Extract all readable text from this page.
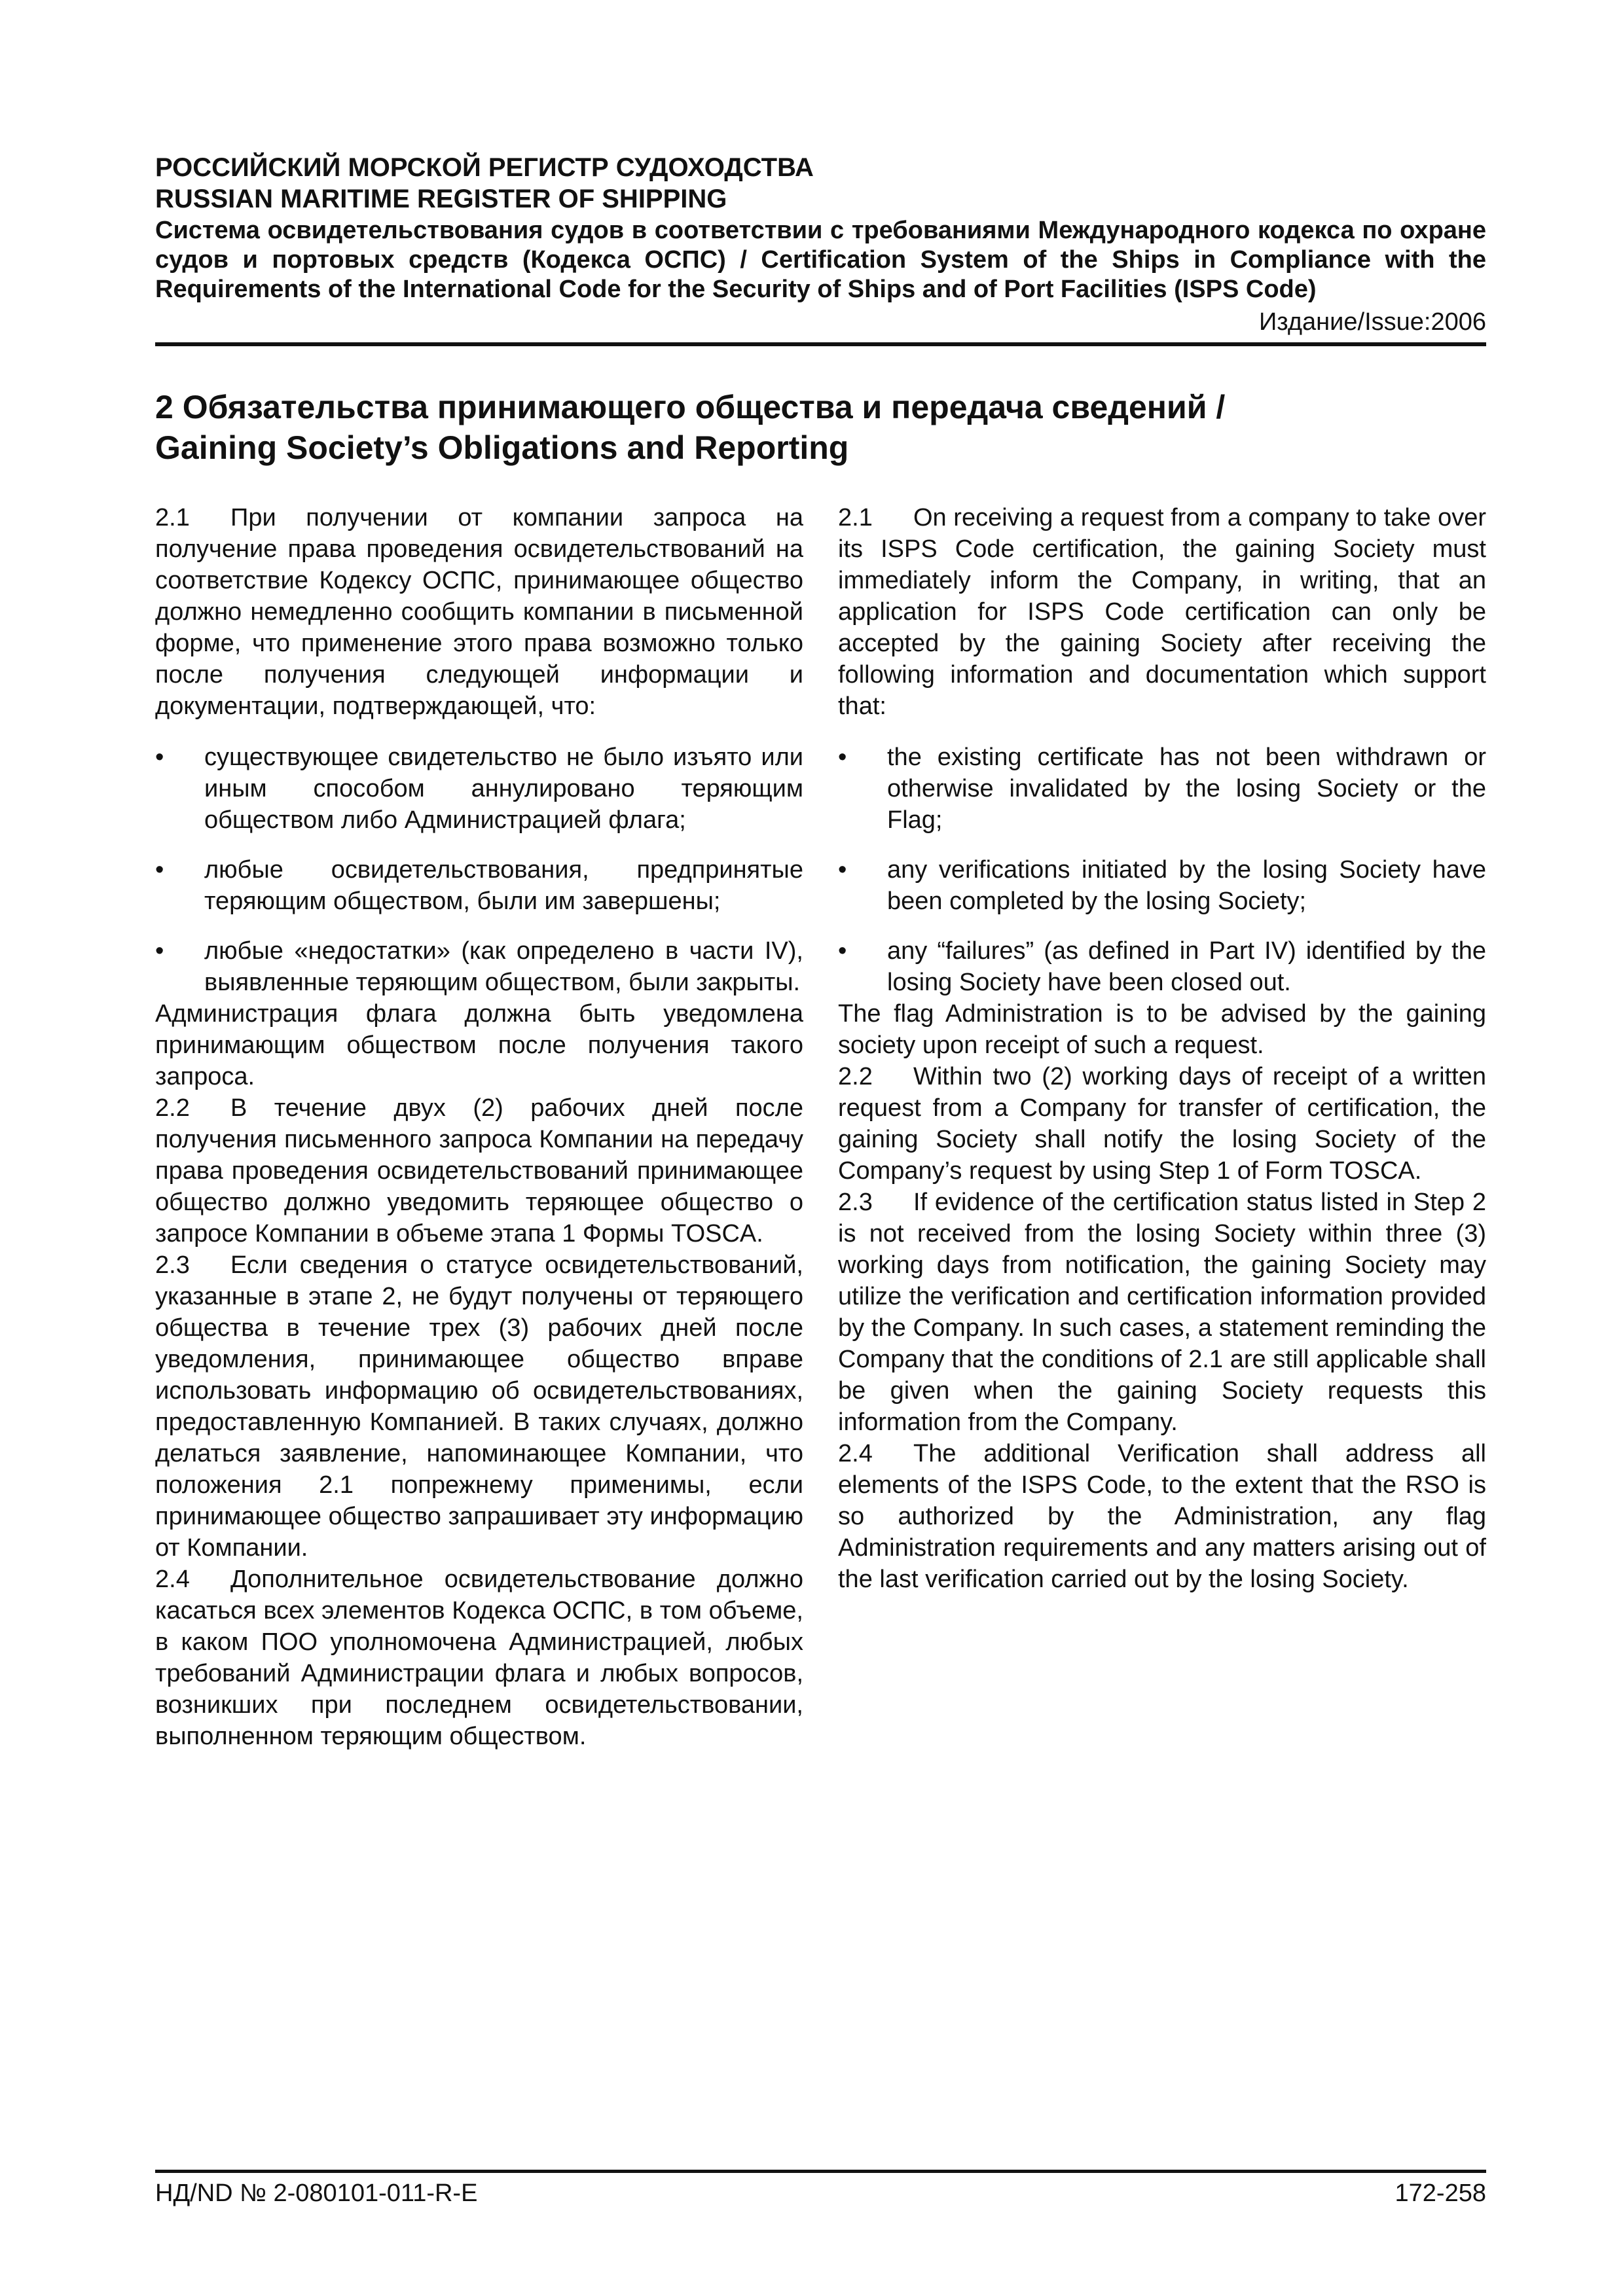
РОССИЙСКИЙ МОРСКОЙ РЕГИСТР СУДОХОДСТВА
RUSSIAN MARITIME REGISTER OF SHIPPING
Система освидетельствования судов в соответствии с требованиями Международного кодекса по охране судов и портовых средств (Кодекса ОСПС) / Certification System of the Ships in Compliance with the Requirements of the International Code for the Security of Ships and of Port Facilities (ISPS Code)
Издание/Issue:2006
2 Обязательства принимающего общества и передача сведений /
Gaining Society’s Obligations and Reporting

2.1 При получении от компании запроса на получение права проведения освидетельствований на соответствие Кодексу ОСПС, принимающее общество должно немедленно сообщить компании в письменной форме, что применение этого права возможно только после получения следующей информации и документации, подтверждающей, что:

• существующее свидетельство не было изъято или иным способом аннулировано теряющим обществом либо Администрацией флага;
• любые освидетельствования, предпринятые теряющим обществом, были им завершены;
• любые «недостатки» (как определено в части IV), выявленные теряющим обществом, были закрыты.

Администрация флага должна быть уведомлена принимающим обществом после получения такого запроса.

2.2 В течение двух (2) рабочих дней после получения письменного запроса Компании на передачу права проведения освидетельствований принимающее общество должно уведомить теряющее общество о запросе Компании в объеме этапа 1 Формы TOSCA.

2.3 Если сведения о статусе освидетельствований, указанные в этапе 2, не будут получены от теряющего общества в течение трех (3) рабочих дней после уведомления, принимающее общество вправе использовать информацию об освидетельствованиях, предоставленную Компанией. В таких случаях, должно делаться заявление, напоминающее Компании, что положения 2.1 попрежнему применимы, если принимающее общество запрашивает эту информацию от Компании.

2.4 Дополнительное освидетельствование должно касаться всех элементов Кодекса ОСПС, в том объеме, в каком ПОО уполномочена Администрацией, любых требований Администрации флага и любых вопросов, возникших при последнем освидетельствовании, выполненном теряющим обществом.

2.1 On receiving a request from a company to take over its ISPS Code certification, the gaining Society must immediately inform the Company, in writing, that an application for ISPS Code certification can only be accepted by the gaining Society after receiving the following information and documentation which support that:

• the existing certificate has not been withdrawn or otherwise invalidated by the losing Society or the Flag;
• any verifications initiated by the losing Society have been completed by the losing Society;
• any “failures” (as defined in Part IV) identified by the losing Society have been closed out.

The flag Administration is to be advised by the gaining society upon receipt of such a request.

2.2 Within two (2) working days of receipt of a written request from a Company for transfer of certification, the gaining Society shall notify the losing Society of the Company’s request by using Step 1 of Form TOSCA.

2.3 If evidence of the certification status listed in Step 2 is not received from the losing Society within three (3) working days from notification, the gaining Society may utilize the verification and certification information provided by the Company. In such cases, a statement reminding the Company that the conditions of 2.1 are still applicable shall be given when the gaining Society requests this information from the Company.

2.4 The additional Verification shall address all elements of the ISPS Code, to the extent that the RSO is so authorized by the Administration, any flag Administration requirements and any matters arising out of the last verification carried out by the losing Society.

НД/ND № 2-080101-011-R-E	172-258
